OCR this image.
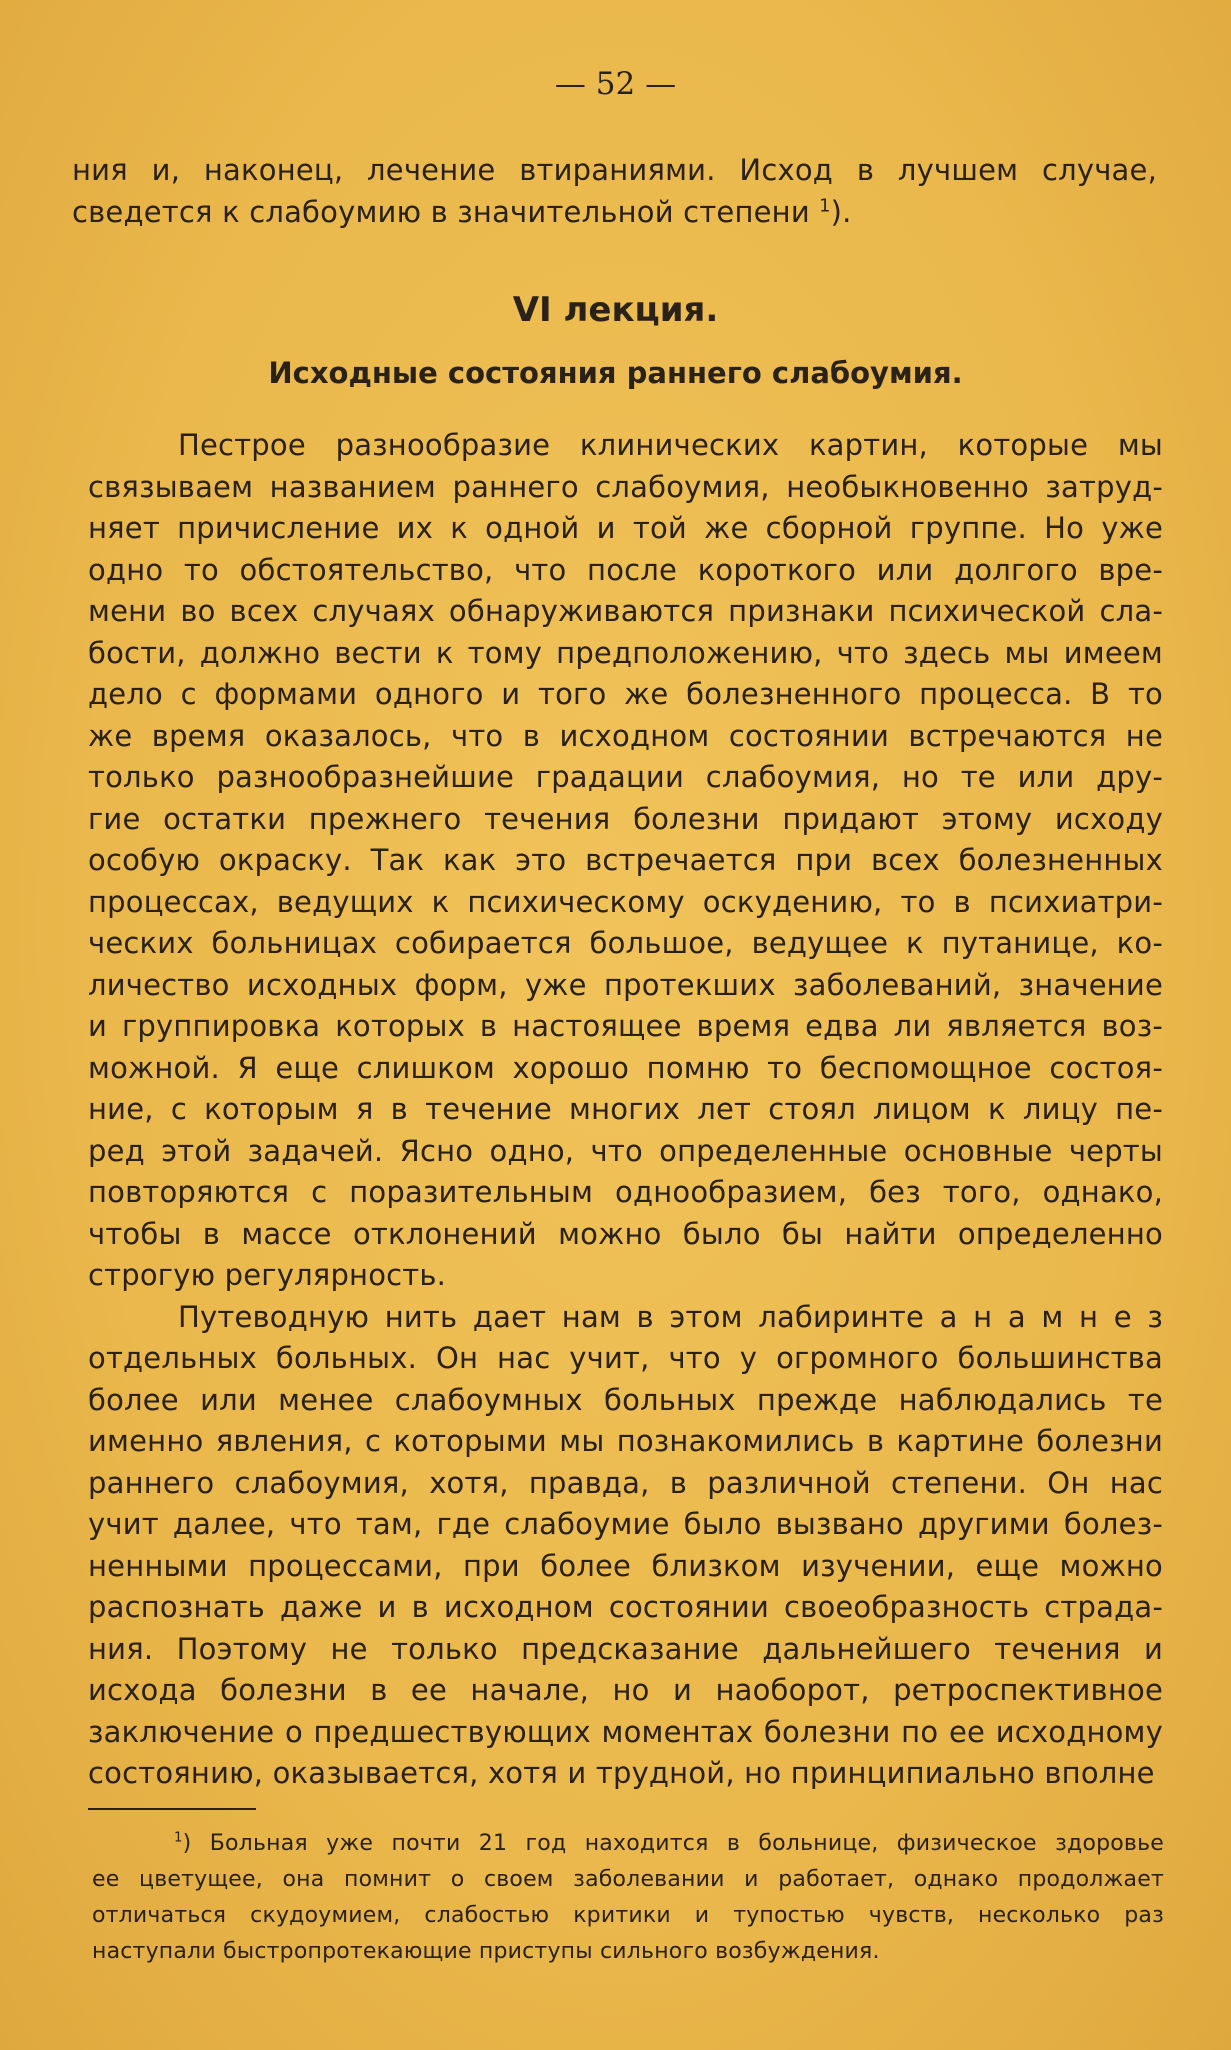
— 52 —
ния и, наконец, лечение втираниями. Исход в лучшем случае,
сведется к слабоумию в значительной степени $^1$).
VI лекция.
Исходные состояния раннего слабоумия.
Пестрое разнообразие клинических картин, которые мы
связываем названием раннего слабоумия, необыкновенно затруд-
няет причисление их к одной и той же сборной группе. Но уже
одно то обстоятельство, что после короткого или долгого вре-
мени во всех случаях обнаруживаются признаки психической сла-
бости, должно вести к тому предположению, что здесь мы имеем
дело с формами одного и того же болезненного процесса. В то
же время оказалось, что в исходном состоянии встречаются не
только разнообразнейшие градации слабоумия, но те или дру-
гие остатки прежнего течения болезни придают этому исходу
особую окраску. Так как это встречается при всех болезненных
процессах, ведущих к психическому оскудению, то в психиатри-
ческих больницах собирается большое, ведущее к путанице, ко-
личество исходных форм, уже протекших заболеваний, значение
и группировка которых в настоящее время едва ли является воз-
можной. Я еще слишком хорошо помню то беспомощное состоя-
ние, с которым я в течение многих лет стоял лицом к лицу пе-
ред этой задачей. Ясно одно, что определенные основные черты
повторяются с поразительным однообразием, без того, однако,
чтобы в массе отклонений можно было бы найти определенно
строгую регулярность.
Путеводную нить дает нам в этом лабиринте а н а м н е з
отдельных больных. Он нас учит, что у огромного большинства
более или менее слабоумных больных прежде наблюдались те
именно явления, с которыми мы познакомились в картине болезни
раннего слабоумия, хотя, правда, в различной степени. Он нас
учит далее, что там, где слабоумие было вызвано другими болез-
ненными процессами, при более близком изучении, еще можно
распознать даже и в исходном состоянии своеобразность страда-
ния. Поэтому не только предсказание дальнейшего течения и
исхода болезни в ее начале, но и наоборот, ретроспективное
заключение о предшествующих моментах болезни по ее исходному
состоянию, оказывается, хотя и трудной, но принципиально вполне
$^1$) Больная уже почти 21 год находится в больнице, физическое здоровье
ее цветущее, она помнит о своем заболевании и работает, однако продолжает
отличаться скудоумием, слабостью критики и тупостью чувств, несколько раз
наступали быстропротекающие приступы сильного возбуждения.
